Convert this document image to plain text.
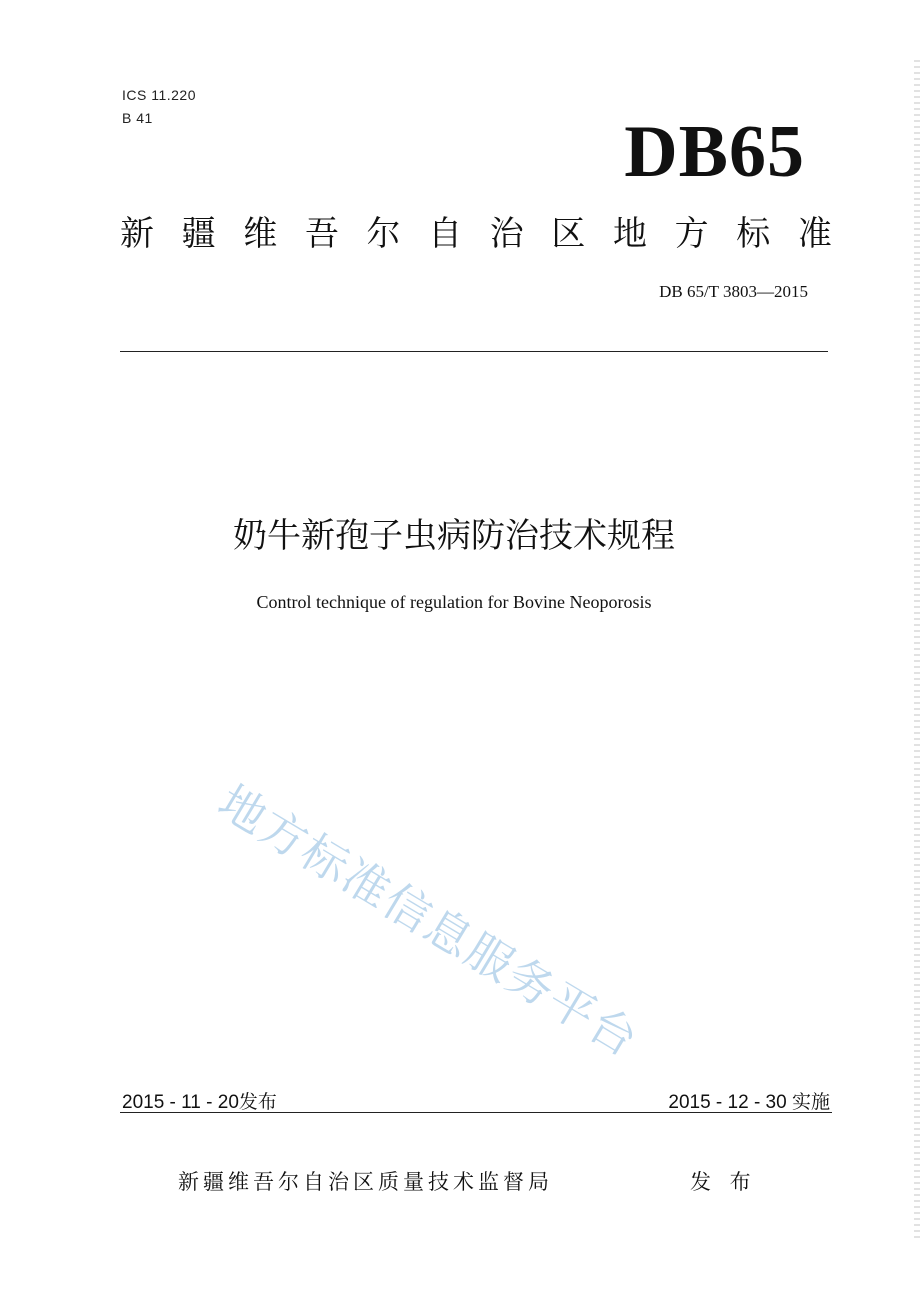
ICS 11.220
B 41	DB65
新 疆 维 吾 尔 自 治 区 地 方 标 准
DB 65/T 3803—2015
奶牛新孢子虫病防治技术规程
Control technique of regulation for Bovine Neoporosis
地方标准信息服务平台
2015 - 11 - 20发布	2015 - 12 - 30 实施
新疆维吾尔自治区质量技术监督局	发 布
